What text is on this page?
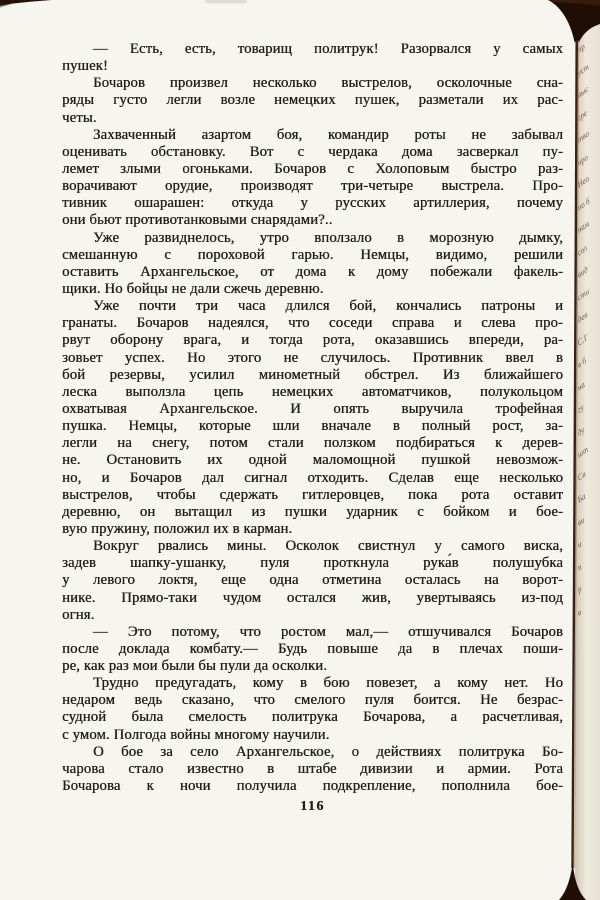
пр
уст
выс
гре
тво
чро
Нео
по б
нам
сол
вид
сти
дев
С.Г
в б
на
гу
ду
шт
Св
Ба
ви
и
п
р
в
— Есть, есть, товарищ политрук! Разорвался у самых
пушек!
Бочаров произвел несколько выстрелов, осколочные сна-
ряды густо легли возле немецких пушек, разметали их рас-
четы.
Захваченный азартом боя, командир роты не забывал
оценивать обстановку. Вот с чердака дома засверкал пу-
лемет злыми огоньками. Бочаров с Холоповым быстро раз-
ворачивают орудие, производят три-четыре выстрела. Про-
тивник ошарашен: откуда у русских артиллерия, почему
они бьют противотанковыми снарядами?..
Уже развиднелось, утро вползало в морозную дымку,
смешанную с пороховой гарью. Немцы, видимо, решили
оставить Архангельское, от дома к дому побежали факель-
щики. Но бойцы не дали сжечь деревню.
Уже почти три часа длился бой, кончались патроны и
гранаты. Бочаров надеялся, что соседи справа и слева про-
рвут оборону врага, и тогда рота, оказавшись впереди, ра-
зовьет успех. Но этого не случилось. Противник ввел в
бой резервы, усилил минометный обстрел. Из ближайшего
леска выползла цепь немецких автоматчиков, полукольцом
охватывая Архангельское. И опять выручила трофейная
пушка. Немцы, которые шли вначале в полный рост, за-
легли на снегу, потом стали ползком подбираться к дерев-
не. Остановить их одной маломощной пушкой невозмож-
но, и Бочаров дал сигнал отходить. Сделав еще несколько
выстрелов, чтобы сдержать гитлеровцев, пока рота оставит
деревню, он вытащил из пушки ударник с бойком и бое-
вую пружину, положил их в карман.
Вокруг рвались мины. Осколок свистнул у самого виска,
задев шапку-ушанку, пуля проткнула рука́в полушубка
у левого локтя, еще одна отметина осталась на ворот-
нике. Прямо-таки чудом остался жив, увертываясь из-под
огня.
— Это потому, что ростом мал,— отшучивался Бочаров
после доклада комбату.— Будь повыше да в плечах поши-
ре, как раз мои были бы пули да осколки.
Трудно предугадать, кому в бою повезет, а кому нет. Но
недаром ведь сказано, что смелого пуля боится. Не безрас-
судной была смелость политрука Бочарова, а расчетливая,
с умом. Полгода войны многому научили.
О бое за село Архангельское, о действиях политрука Бо-
чарова стало известно в штабе дивизии и армии. Рота
Бочарова к ночи получила подкрепление, пополнила бое-
116
